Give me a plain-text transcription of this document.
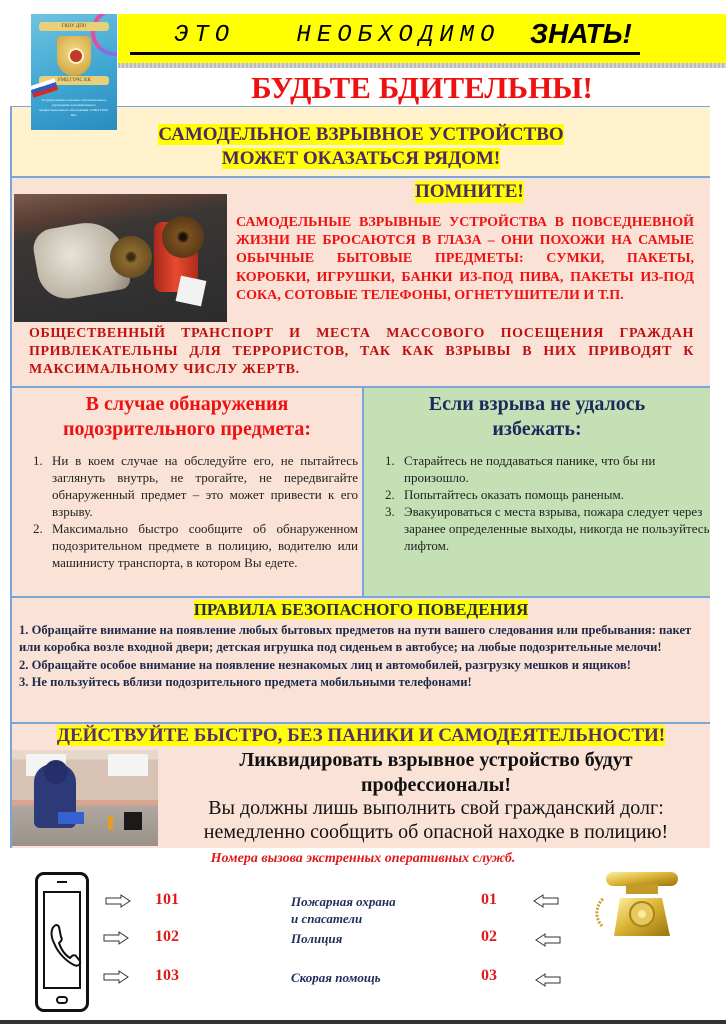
ГКОУ ДПО
УМЦ ГОЧС КК
Государственное казенное образовательное учреждение дополнительного профессионального образования «УМЦ ГОЧС КК»
ЭТО   НЕОБХОДИМО ЗНАТЬ!
БУДЬТЕ БДИТЕЛЬНЫ!
САМОДЕЛЬНОЕ ВЗРЫВНОЕ УСТРОЙСТВО
МОЖЕТ ОКАЗАТЬСЯ РЯДОМ!
ПОМНИТЕ!
САМОДЕЛЬНЫЕ ВЗРЫВНЫЕ УСТРОЙСТВА В ПОВСЕДНЕВНОЙ ЖИЗНИ НЕ БРОСАЮТСЯ В ГЛАЗА – ОНИ ПОХОЖИ НА САМЫЕ ОБЫЧНЫЕ БЫТОВЫЕ ПРЕДМЕТЫ: СУМКИ, ПАКЕТЫ, КОРОБКИ, ИГРУШКИ, БАНКИ ИЗ-ПОД ПИВА, ПАКЕТЫ ИЗ-ПОД СОКА, СОТОВЫЕ ТЕЛЕФОНЫ, ОГНЕТУШИТЕЛИ И Т.П.
ОБЩЕСТВЕННЫЙ ТРАНСПОРТ И МЕСТА МАССОВОГО ПОСЕЩЕНИЯ ГРАЖДАН ПРИВЛЕКАТЕЛЬНЫ ДЛЯ ТЕРРОРИСТОВ, ТАК КАК ВЗРЫВЫ В НИХ ПРИВОДЯТ К МАКСИМАЛЬНОМУ ЧИСЛУ ЖЕРТВ.
В случае обнаружения
подозрительного предмета:
1. Ни в коем случае на обследуйте его, не пытайтесь заглянуть внутрь, не трогайте, не передвигайте обнаруженный предмет – это может привести к его взрыву.
2. Максимально быстро сообщите об обнаруженном подозрительном предмете в полицию, водителю или машинисту транспорта, в котором Вы едете.
Если взрыва не удалось
избежать:
1. Старайтесь не поддаваться панике, что бы ни произошло.
2. Попытайтесь оказать помощь раненым.
3. Эвакуироваться с места взрыва, пожара следует через заранее определенные выходы, никогда не пользуйтесь лифтом.
ПРАВИЛА БЕЗОПАСНОГО ПОВЕДЕНИЯ

1. Обращайте внимание на появление любых бытовых предметов на пути вашего следования или пребывания: пакет или коробка возле входной двери; детская игрушка под сиденьем в автобусе; на любые подозрительные мелочи!

2. Обращайте особое внимание на появление незнакомых лиц и автомобилей, разгрузку мешков и ящиков!

3. Не пользуйтесь вблизи подозрительного предмета мобильными телефонами!

ДЕЙСТВУЙТЕ БЫСТРО, БЕЗ ПАНИКИ И САМОДЕЯТЕЛЬНОСТИ!
Ликвидировать взрывное устройство будут профессионалы!
Вы должны лишь выполнить свой гражданский долг: немедленно сообщить об опасной находке в полицию!
Номера вызова экстренных оперативных служб.
101
102
103
Пожарная охрана
и спасатели
Полиция
Скорая помощь
01
02
03
